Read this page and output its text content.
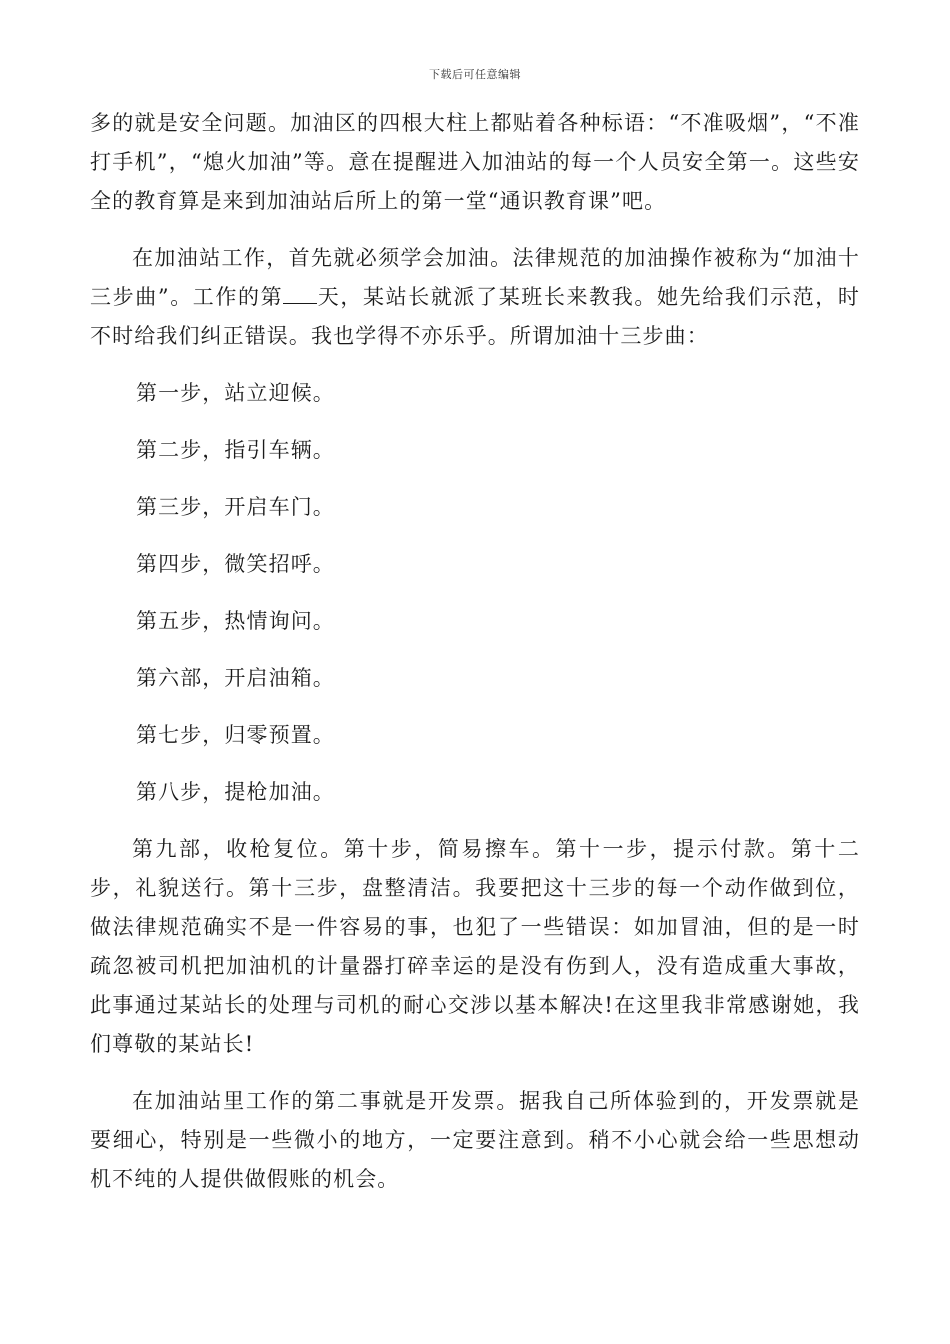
下载后可任意编辑

多的就是安全问题。加油区的四根大柱上都贴着各种标语：“不准吸烟”，“不准打手机”，“熄火加油”等。意在提醒进入加油站的每一个人员安全第一。这些安全的教育算是来到加油站后所上的第一堂“通识教育课”吧。

在加油站工作，首先就必须学会加油。法律规范的加油操作被称为“加油十三步曲”。工作的第 天，某站长就派了某班长来教我。她先给我们示范，时不时给我们纠正错误。我也学得不亦乐乎。所谓加油十三步曲：

第一步，站立迎候。

第二步，指引车辆。

第三步，开启车门。

第四步，微笑招呼。

第五步，热情询问。

第六部，开启油箱。

第七步，归零预置。

第八步，提枪加油。

第九部，收枪复位。第十步，简易擦车。第十一步，提示付款。第十二步，礼貌送行。第十三步，盘整清洁。我要把这十三步的每一个动作做到位，做法律规范确实不是一件容易的事，也犯了一些错误：如加冒油，但的是一时疏忽被司机把加油机的计量器打碎幸运的是没有伤到人，没有造成重大事故，此事通过某站长的处理与司机的耐心交涉以基本解决!在这里我非常感谢她，我们尊敬的某站长!

在加油站里工作的第二事就是开发票。据我自己所体验到的，开发票就是要细心，特别是一些微小的地方，一定要注意到。稍不小心就会给一些思想动机不纯的人提供做假账的机会。
